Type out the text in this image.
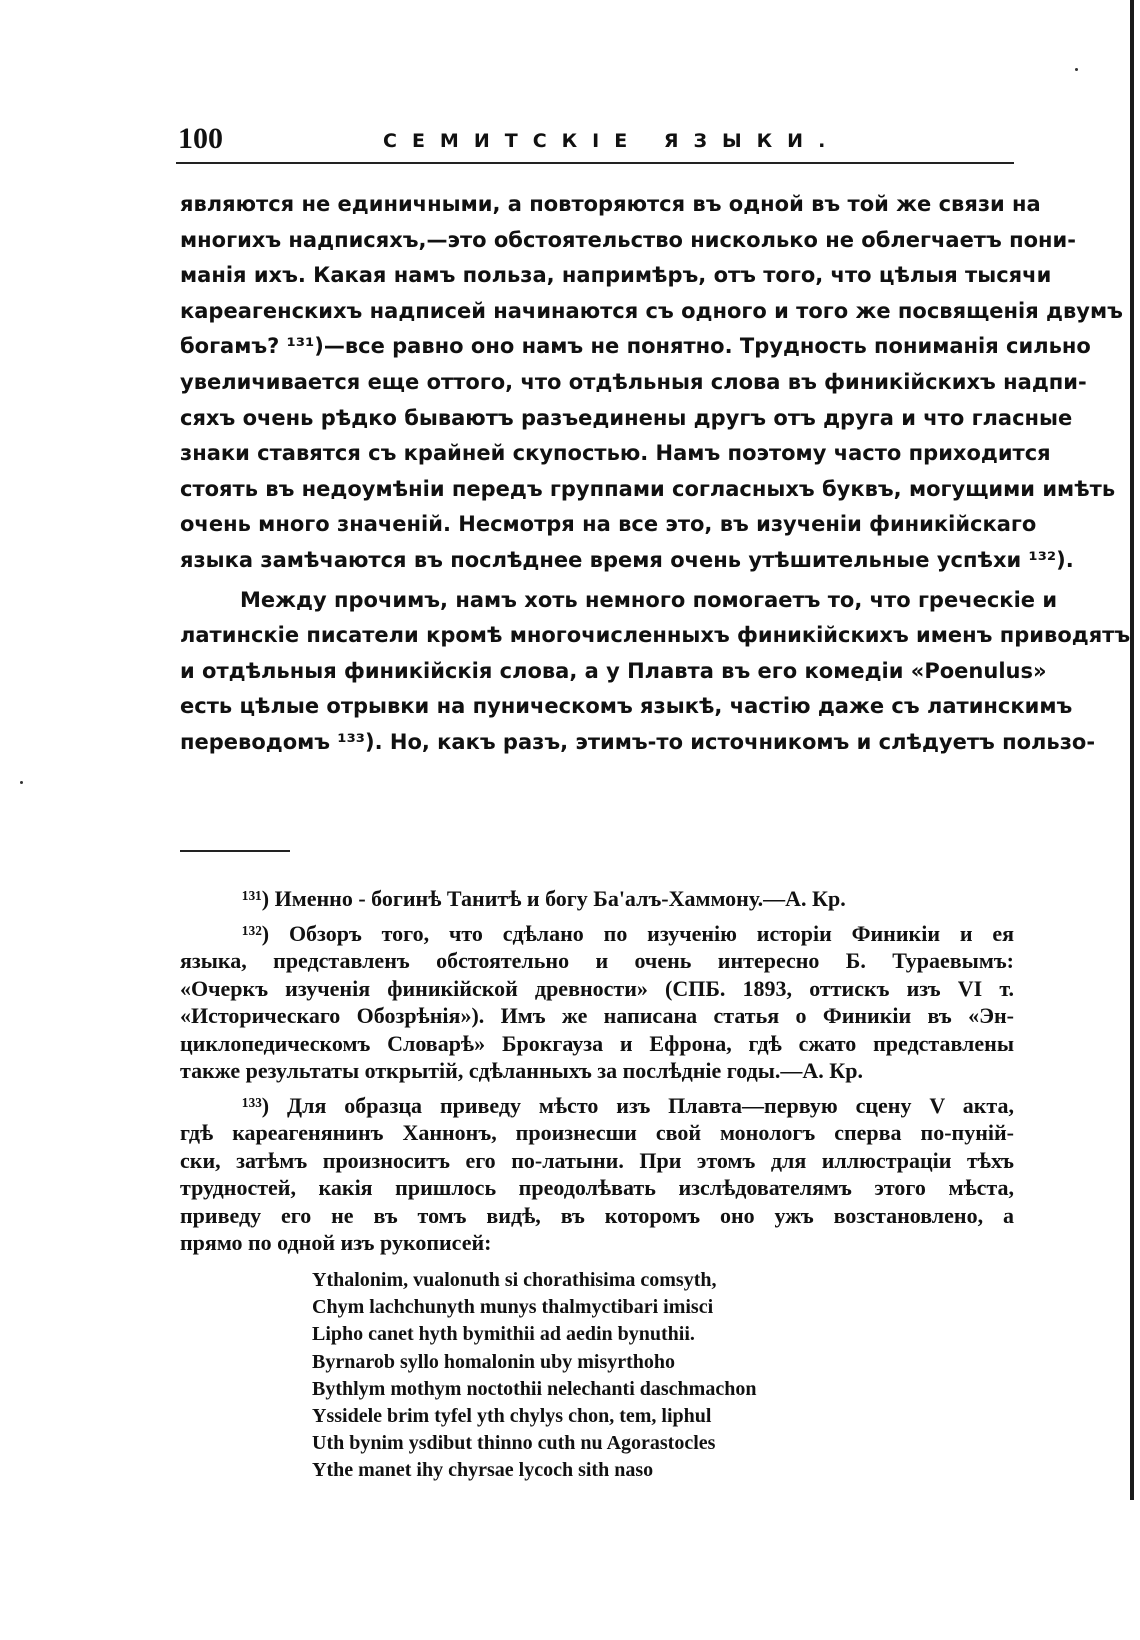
100	СЕМИТСКІЕ ЯЗЫКИ.
являются не единичными, а повторяются въ одной въ той же связи на
многихъ надписяхъ,—это обстоятельство нисколько не облегчаетъ пони-
манія ихъ. Какая намъ польза, напримѣръ, отъ того, что цѣлыя тысячи
кареагенскихъ надписей начинаются съ одного и того же посвященія двумъ
богамъ? ¹³¹)—все равно оно намъ не понятно. Трудность пониманія сильно
увеличивается еще оттого, что отдѣльныя слова въ финикійскихъ надпи-
сяхъ очень рѣдко бываютъ разъединены другъ отъ друга и что гласные
знаки ставятся съ крайней скупостью. Намъ поэтому часто приходится
стоять въ недоумѣніи передъ группами согласныхъ буквъ, могущими имѣть
очень много значеній. Несмотря на все это, въ изученіи финикійскаго
языка замѣчаются въ послѣднее время очень утѣшительные успѣхи ¹³²).
Между прочимъ, намъ хоть немного помогаетъ то, что греческіе и
латинскіе писатели кромѣ многочисленныхъ финикійскихъ именъ приводятъ
и отдѣльныя финикійскія слова, а у Плавта въ его комедіи «Poenulus»
есть цѣлые отрывки на пуническомъ языкѣ, частію даже съ латинскимъ
переводомъ ¹³³). Но, какъ разъ, этимъ-то источникомъ и слѣдуетъ пользо-
¹³¹) Именно - богинѣ Танитѣ и богу Ба'алъ-Хаммону.—А. Кр.
¹³²) Обзоръ того, что сдѣлано по изученію исторіи Финикіи и ея
языка, представленъ обстоятельно и очень интересно Б. Тураевымъ:
«Очеркъ изученія финикійской древности» (СПБ. 1893, оттискъ изъ VI т.
«Историческаго Обозрѣнія»). Имъ же написана статья о Финикіи въ «Эн-
циклопедическомъ Словарѣ» Брокгауза и Ефрона, гдѣ сжато представлены
также результаты открытій, сдѣланныхъ за послѣдніе годы.—А. Кр.
¹³³) Для образца приведу мѣсто изъ Плавта—первую сцену V акта,
гдѣ кареагенянинъ Ханнонъ, произнесши свой монологъ сперва по-пуній-
ски, затѣмъ произноситъ его по-латыни. При этомъ для иллюстраціи тѣхъ
трудностей, какія пришлось преодолѣвать изслѣдователямъ этого мѣста,
приведу его не въ томъ видѣ, въ которомъ оно ужъ возстановлено, а
прямо по одной изъ рукописей:
Ythalonim, vualonuth si chorathisima comsyth,
Chym lachchunyth munys thalmyctibari imisci
Lipho canet hyth bymithii ad aedin bynuthii.
Byrnarob syllo homalonin uby misyrthoho
Bythlym mothym noctothii nelechanti daschmachon
Yssidele brim tyfel yth chylys chon, tem, liphul
Uth bynim ysdibut thinno cuth nu Agorastocles
Ythe manet ihy chyrsae lycoch sith naso
